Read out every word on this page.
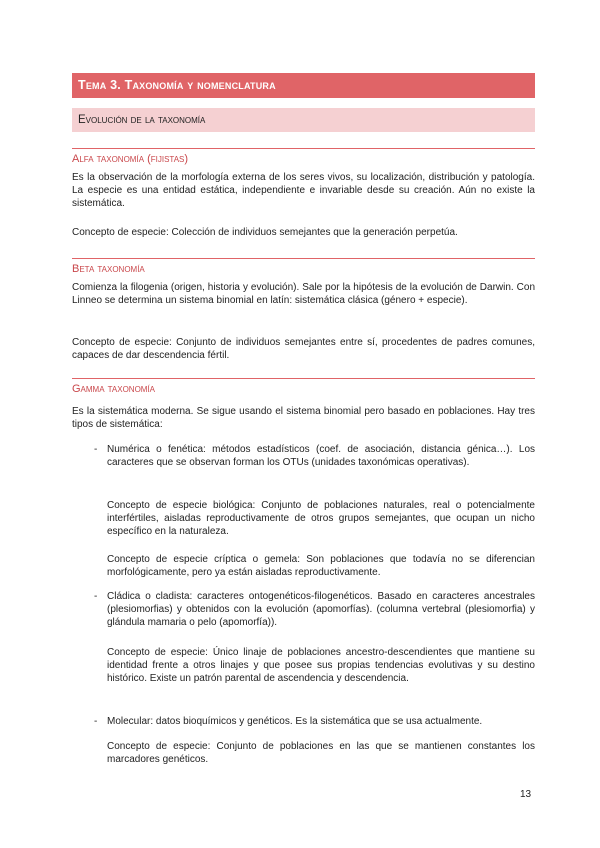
Tema 3. Taxonomía y nomenclatura
Evolución de la taxonomía
Alfa taxonomía (fijistas)

Es la observación de la morfología externa de los seres vivos, su localización, distribución y patología. La especie es una entidad estática, independiente e invariable desde su creación. Aún no existe la sistemática.

Concepto de especie: Colección de individuos semejantes que la generación perpetúa.

Beta taxonomía

Comienza la filogenia (origen, historia y evolución). Sale por la hipótesis de la evolución de Darwin. Con Linneo se determina un sistema binomial en latín: sistemática clásica (género + especie).

Concepto de especie: Conjunto de individuos semejantes entre sí, procedentes de padres comunes, capaces de dar descendencia fértil.

Gamma taxonomía

Es la sistemática moderna. Se sigue usando el sistema binomial pero basado en poblaciones. Hay tres tipos de sistemática:

- Numérica o fenética: métodos estadísticos (coef. de asociación, distancia génica…). Los caracteres que se observan forman los OTUs (unidades taxonómicas operativas).

Concepto de especie biológica: Conjunto de poblaciones naturales, real o potencialmente interfértiles, aisladas reproductivamente de otros grupos semejantes, que ocupan un nicho específico en la naturaleza.

Concepto de especie críptica o gemela: Son poblaciones que todavía no se diferencian morfológicamente, pero ya están aisladas reproductivamente.

- Cládica o cladista: caracteres ontogenéticos-filogenéticos. Basado en caracteres ancestrales (plesiomorfias) y obtenidos con la evolución (apomorfías). (columna vertebral (plesiomorfia) y glándula mamaria o pelo (apomorfía)).

Concepto de especie: Único linaje de poblaciones ancestro-descendientes que mantiene su identidad frente a otros linajes y que posee sus propias tendencias evolutivas y su destino histórico. Existe un patrón parental de ascendencia y descendencia.

- Molecular: datos bioquímicos y genéticos. Es la sistemática que se usa actualmente.

Concepto de especie: Conjunto de poblaciones en las que se mantienen constantes los marcadores genéticos.

13
